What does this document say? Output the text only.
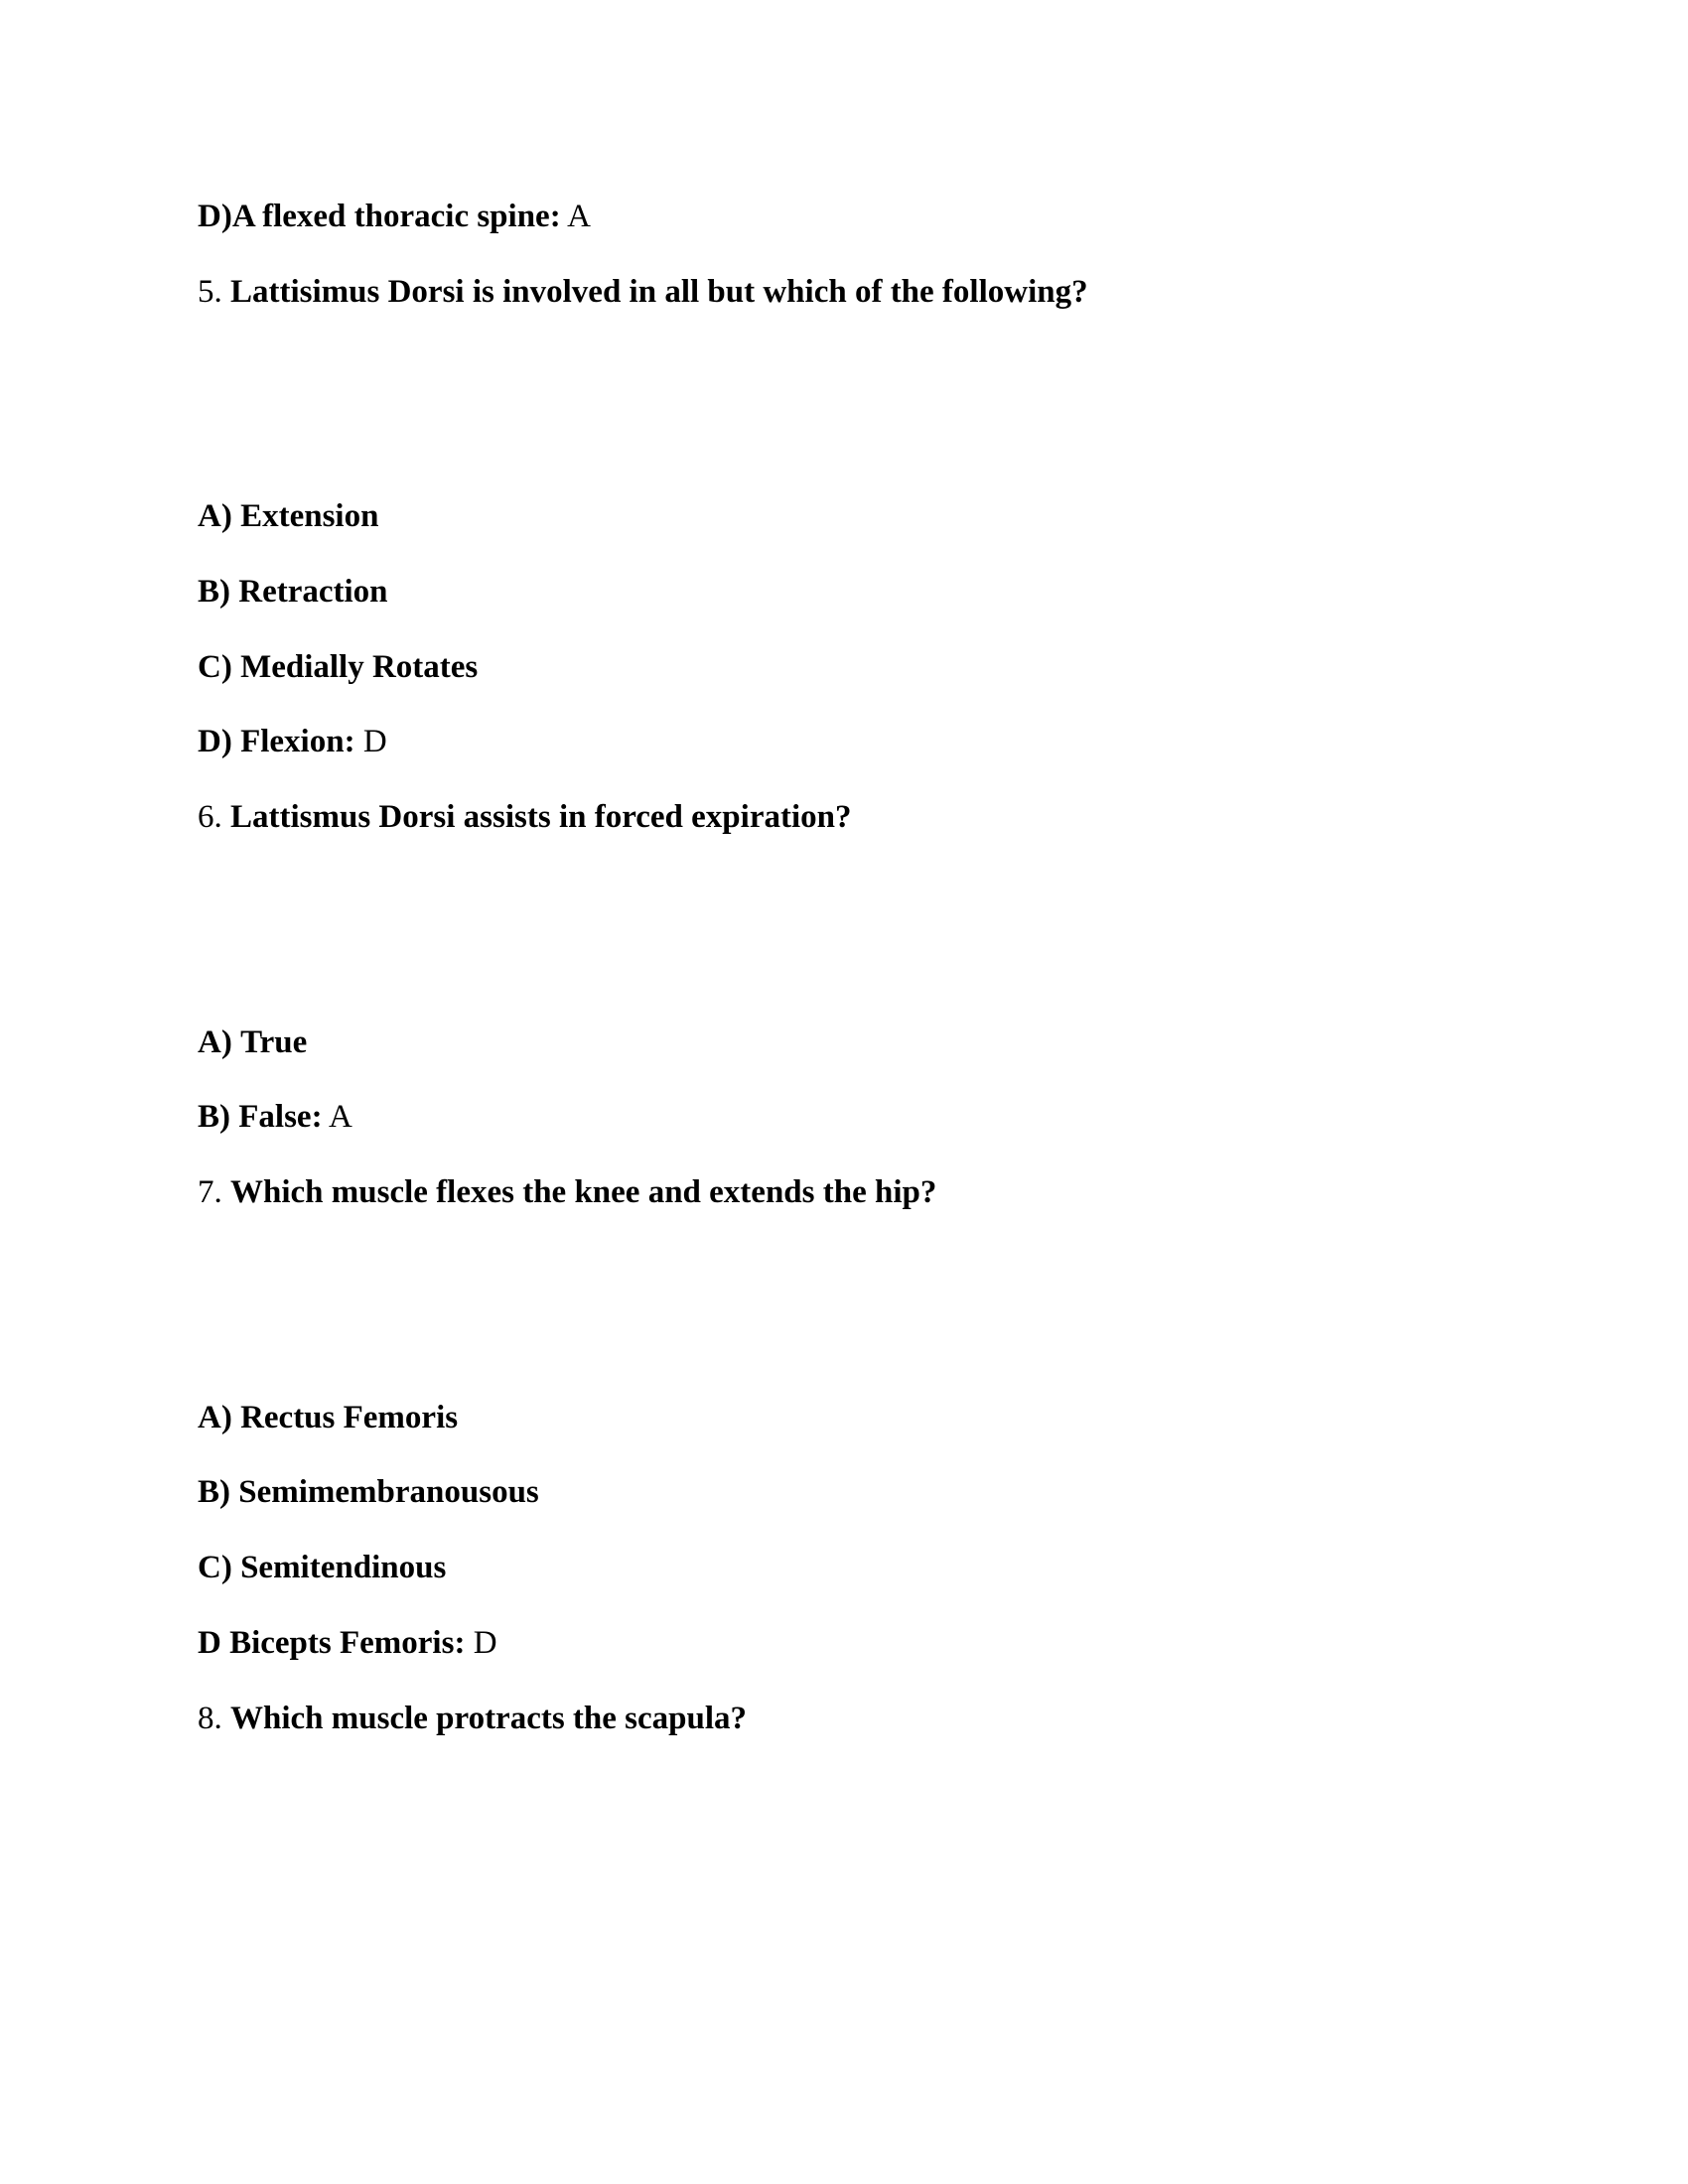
D)A flexed thoracic spine: A
5. Lattisimus Dorsi is involved in all but which of the following?
A) Extension
B) Retraction
C) Medially Rotates
D) Flexion: D
6. Lattismus Dorsi assists in forced expiration?
A) True
B) False: A
7. Which muscle flexes the knee and extends the hip?
A) Rectus Femoris
B) Semimembranousous
C) Semitendinous
D Bicepts Femoris: D
8. Which muscle protracts the scapula?
